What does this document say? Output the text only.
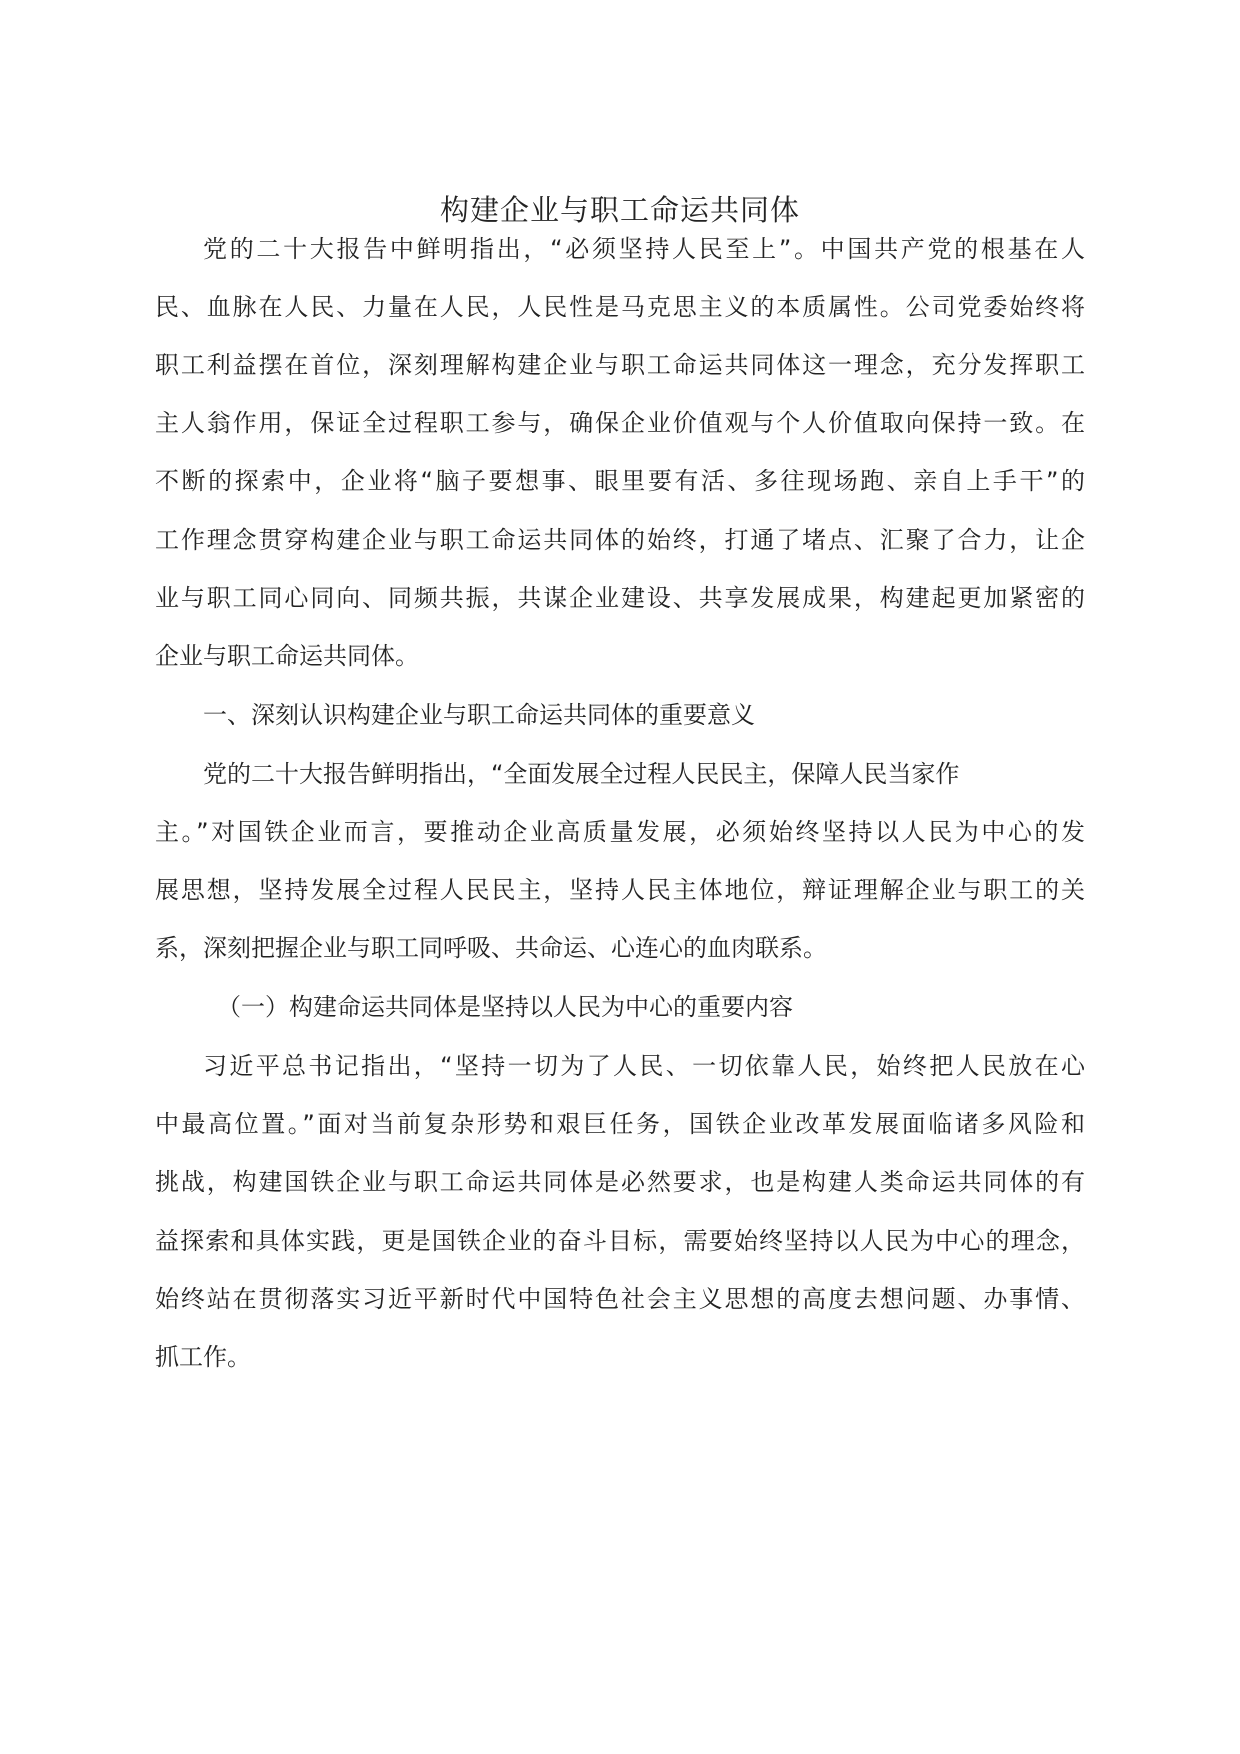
构建企业与职工命运共同体
党的二十大报告中鲜明指出，“必须坚持人民至上”。中国共产党的根基在人
民、血脉在人民、力量在人民，人民性是马克思主义的本质属性。公司党委始终将
职工利益摆在首位，深刻理解构建企业与职工命运共同体这一理念，充分发挥职工
主人翁作用，保证全过程职工参与，确保企业价值观与个人价值取向保持一致。在
不断的探索中，企业将“脑子要想事、眼里要有活、多往现场跑、亲自上手干”的
工作理念贯穿构建企业与职工命运共同体的始终，打通了堵点、汇聚了合力，让企
业与职工同心同向、同频共振，共谋企业建设、共享发展成果，构建起更加紧密的
企业与职工命运共同体。
一、深刻认识构建企业与职工命运共同体的重要意义
党的二十大报告鲜明指出，“全面发展全过程人民民主，保障人民当家作
主。”对国铁企业而言，要推动企业高质量发展，必须始终坚持以人民为中心的发
展思想，坚持发展全过程人民民主，坚持人民主体地位，辩证理解企业与职工的关
系，深刻把握企业与职工同呼吸、共命运、心连心的血肉联系。
（一）构建命运共同体是坚持以人民为中心的重要内容
习近平总书记指出，“坚持一切为了人民、一切依靠人民，始终把人民放在心
中最高位置。”面对当前复杂形势和艰巨任务，国铁企业改革发展面临诸多风险和
挑战，构建国铁企业与职工命运共同体是必然要求，也是构建人类命运共同体的有
益探索和具体实践，更是国铁企业的奋斗目标，需要始终坚持以人民为中心的理念，
始终站在贯彻落实习近平新时代中国特色社会主义思想的高度去想问题、办事情、
抓工作。
